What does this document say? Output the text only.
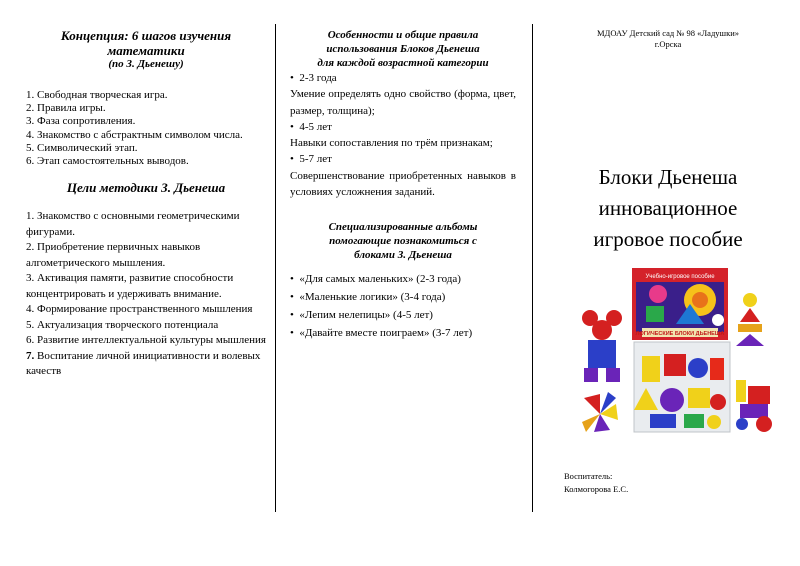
Концепция: 6 шагов изучения математики

(по З. Дьенешу)

1. Свободная творческая игра.
2. Правила игры.
3. Фаза сопротивления.
4. Знакомство с абстрактным символом числа.
5. Символический этап.
6. Этап самостоятельных выводов.

Цели методики З. Дьенеша

1. Знакомство с основными геометрическими фигурами.
2. Приобретение первичных навыков алгометрического мышления.
3. Активация памяти, развитие способности концентрировать и удерживать внимание.
4. Формирование пространственного мышления
5. Актуализация творческого потенциала
6. Развитие интеллектуальной культуры мышления
7. Воспитание личной инициативности и волевых качеств

Особенности и общие правила
использования Блоков Дьенеша
для каждой возрастной категории

• 2-3 года

Умение определять одно свойство (форма, цвет, размер, толщина);

• 4-5 лет

Навыки сопоставления по трём признакам;

• 5-7 лет

Совершенствование приобретенных навыков в условиях усложнения заданий.

Специализированные альбомы
помогающие познакомиться с
блоками З. Дьенеша

• «Для самых маленьких» (2-3 года)

• «Маленькие логики» (3-4 года)

• «Лепим нелепицы» (4-5 лет)

• «Давайте вместе поиграем» (3-7 лет)

МДОАУ Детский сад № 98 «Ладушки»

г.Орска

Блоки Дьенеша
инновационное
игровое пособие
Учебно-игровое пособие
ЛОГИЧЕСКИЕ БЛОКИ ДЬЕНЕША
Воспитатель:
Колмогорова Е.С.
